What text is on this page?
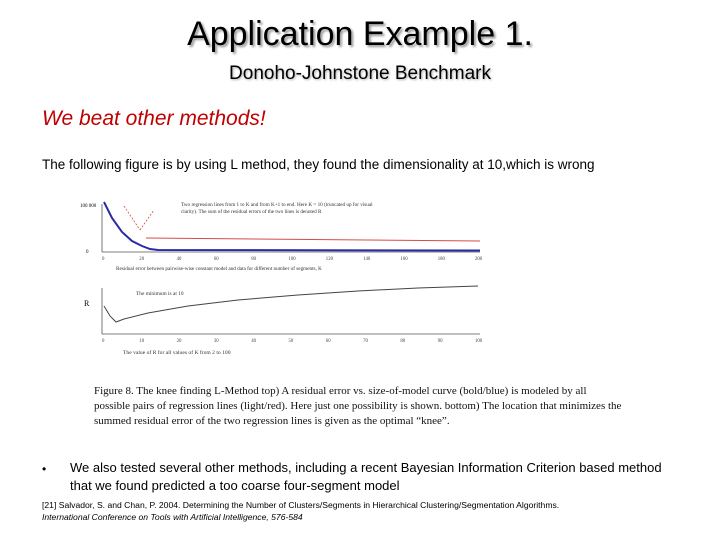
Application Example 1.
Donoho-Johnstone Benchmark
We beat other methods!
The following figure is by using L method, they found the dimensionality at 10,which is wrong
100 000
0
Two regression lines from 1 to K and from K+1 to end. Here K = 10 (truncated up for visual
clarity). The sum of the residual errors of the two lines is denoted R
0	20	40	60	80	100	120	140	160	180	200
Residual error between pairwise-wise constant model and data for different number of segments, K
R
The minimum is at 10
0	10	20	30	40	50	60	70	80	90	100
The value of R for all values of K from 2 to 100
Figure 8. The knee finding L-Method top) A residual error vs. size-of-model curve (bold/blue) is modeled by all possible pairs of regression lines (light/red). Here just one possibility is shown. bottom) The location that minimizes the summed residual error of the two regression lines is given as the optimal “knee”.
• We also tested several other methods, including a recent Bayesian Information Criterion based method that we found predicted a too coarse four-segment model
[21] Salvador, S. and Chan, P. 2004. Determining the Number of Clusters/Segments in Hierarchical Clustering/Segmentation Algorithms.
International Conference on Tools with Artificial Intelligence, 576-584
